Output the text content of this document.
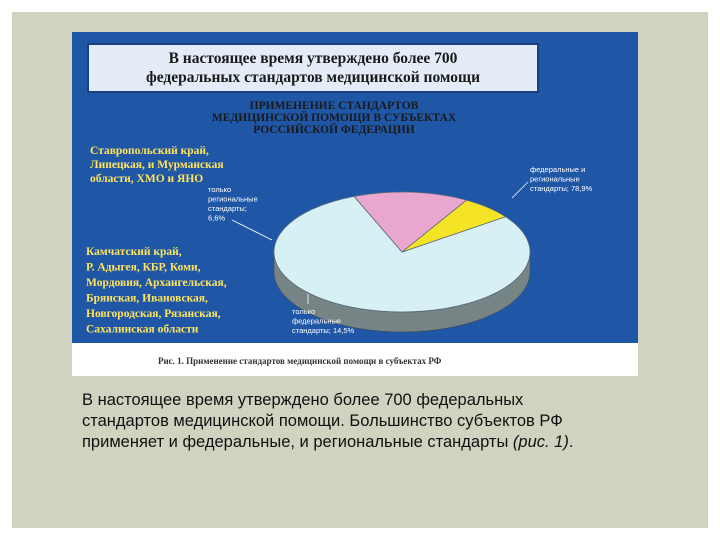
В настоящее время утверждено более 700 федеральных стандартов медицинской помощи
ПРИМЕНЕНИЕ СТАНДАРТОВ МЕДИЦИНСКОЙ ПОМОЩИ В СУБЪЕКТАХ РОССИЙСКОЙ ФЕДЕРАЦИИ
федеральные и региональные стандарты; 78,9%
только региональные стандарты; 6,6%
только федеральные стандарты; 14,5%
Ставропольский край, Липецкая, и Мурманская области, ХМО и ЯНО
Камчатский край, Р. Адыгея, КБР, Коми, Мордовия, Архангельская, Брянская, Ивановская, Новгородская, Рязанская, Сахалинская области
Рис. 1. Применение стандартов медицинской помощи в субъектах РФ
В настоящее время утверждено более 700 федеральных стандартов медицинской помощи. Большинство субъектов РФ применяет и федеральные, и региональные стандарты (рис. 1).
